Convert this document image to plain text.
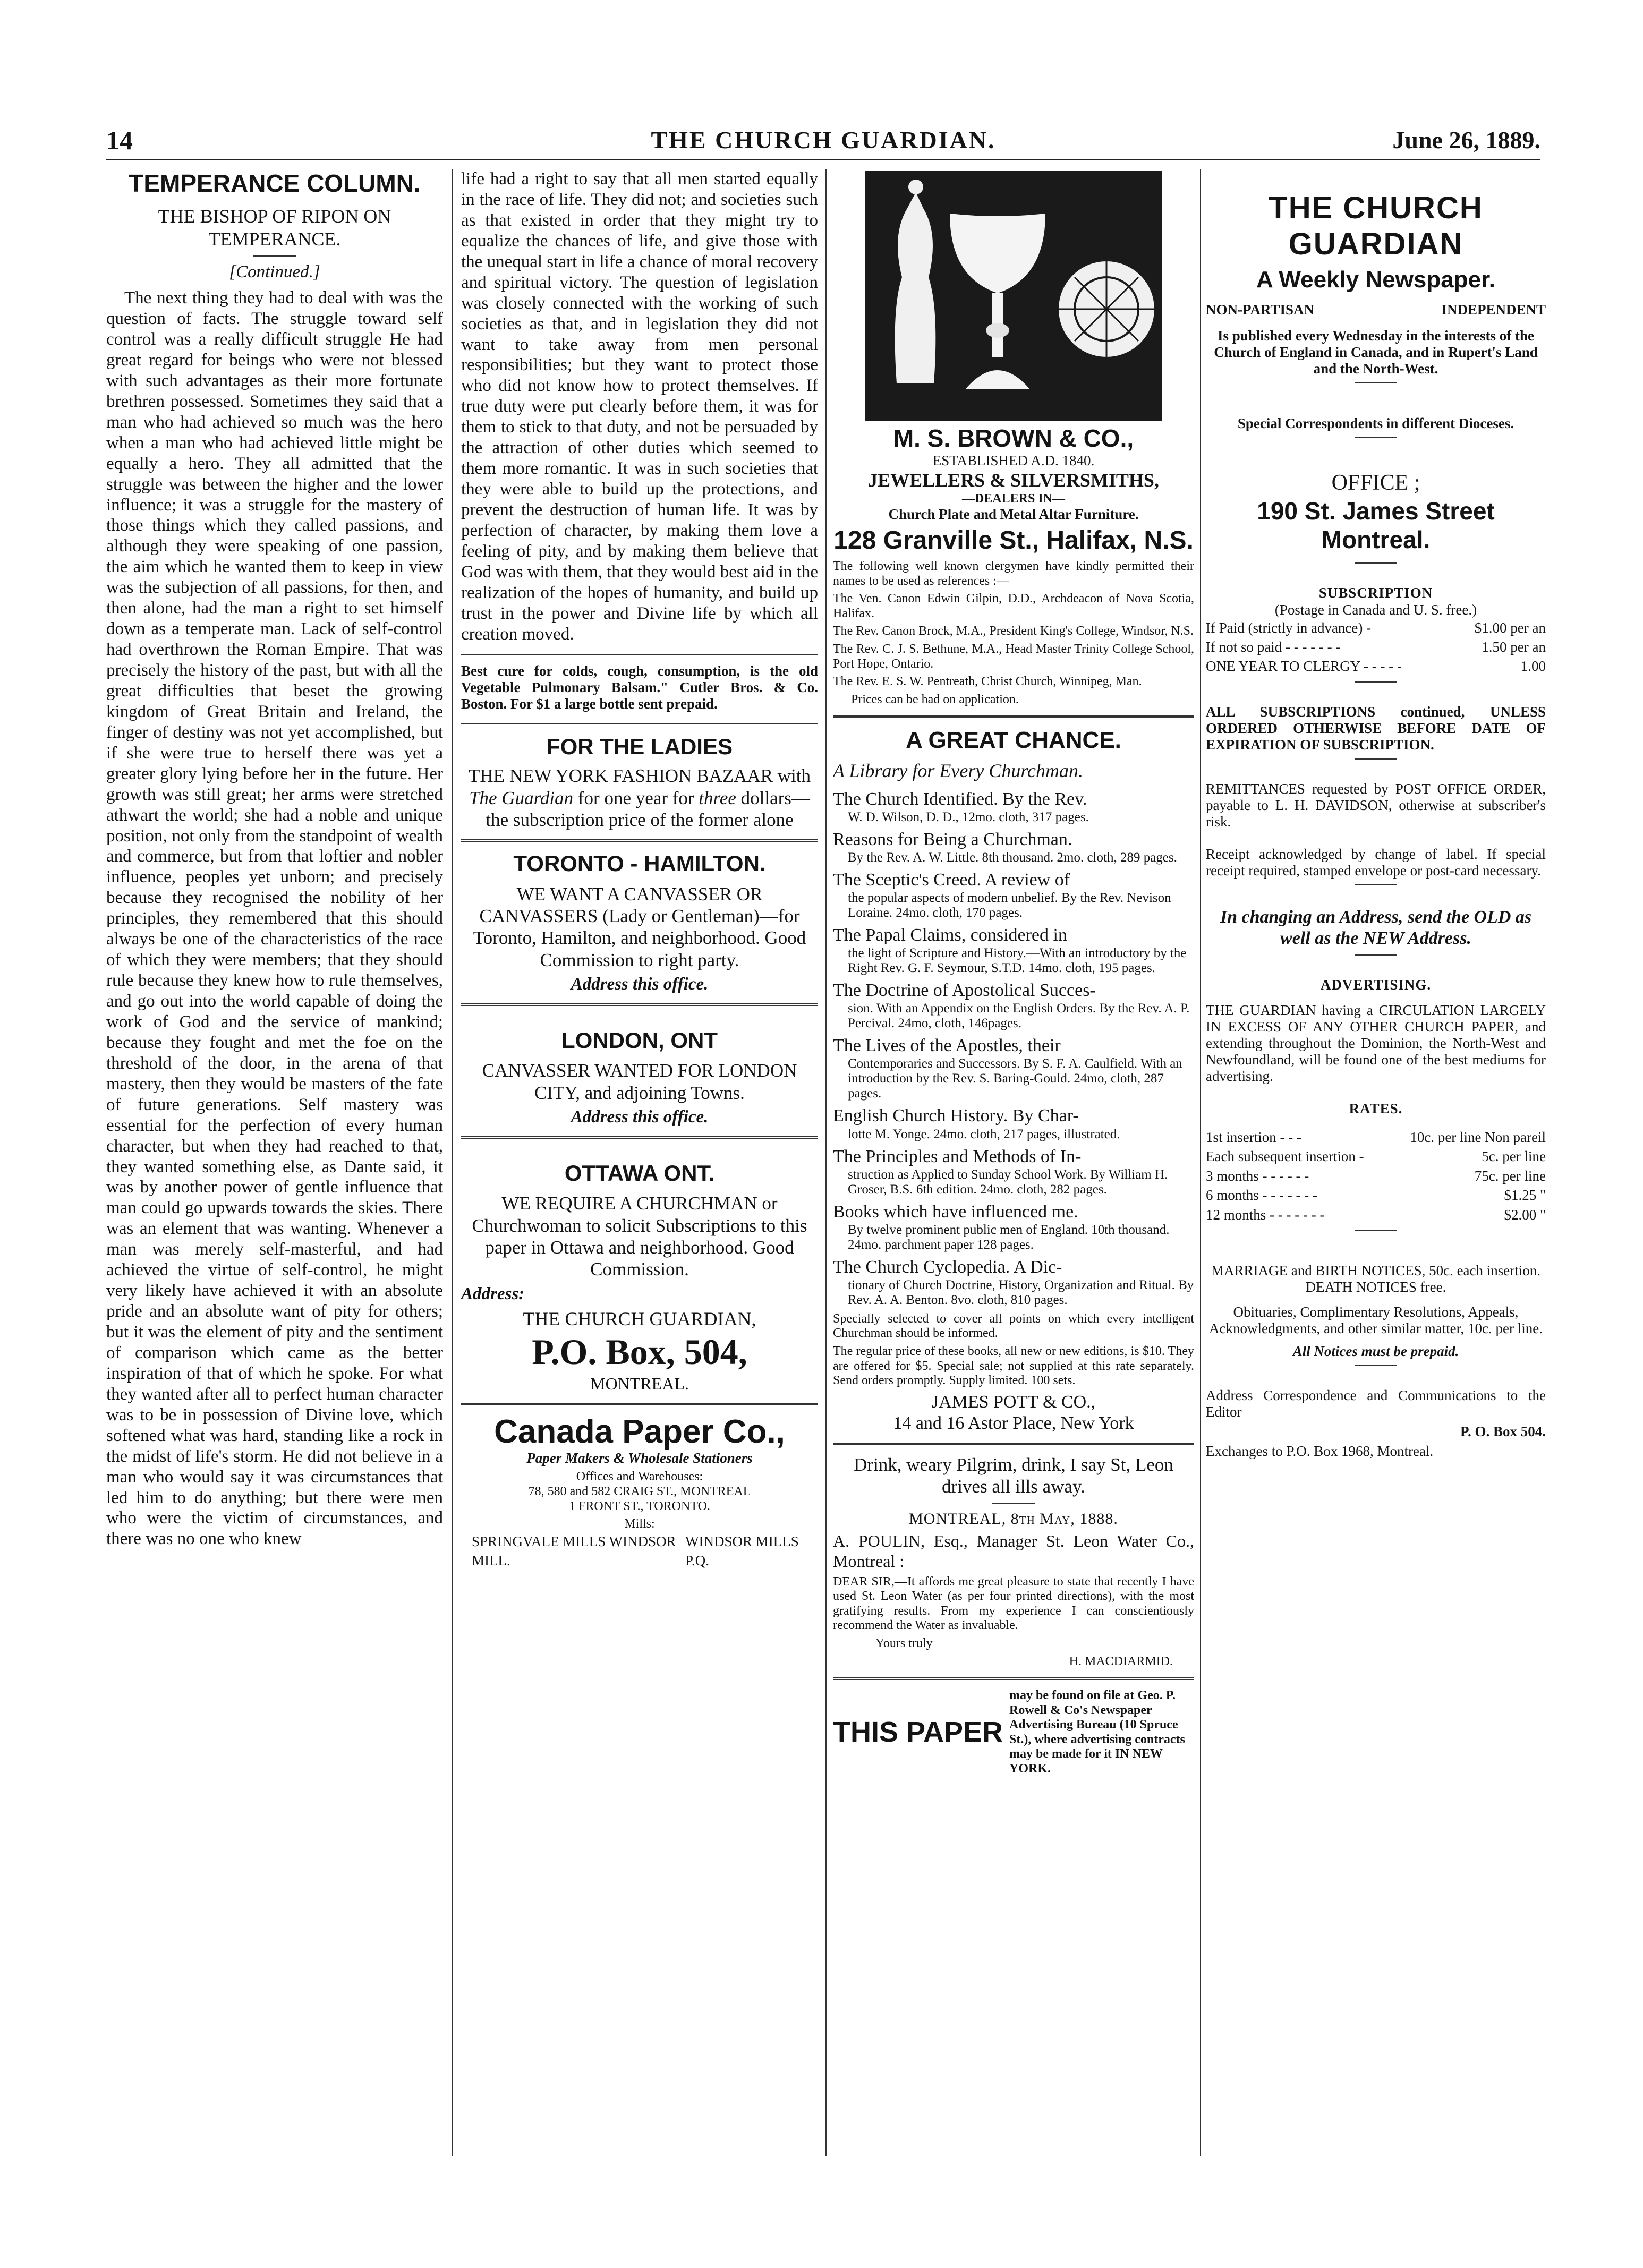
14	THE CHURCH GUARDIAN.	June 26, 1889.
TEMPERANCE COLUMN.
THE BISHOP OF RIPON ON TEMPERANCE.
[Continued.]

The next thing they had to deal with was the question of facts. The struggle toward self control was a really difficult struggle He had great regard for beings who were not blessed with such advantages as their more fortunate brethren possessed. Sometimes they said that a man who had achieved so much was the hero when a man who had achieved little might be equally a hero. They all admitted that the struggle was between the higher and the lower influence; it was a struggle for the mastery of those things which they called passions, and although they were speaking of one passion, the aim which he wanted them to keep in view was the subjection of all passions, for then, and then alone, had the man a right to set himself down as a temperate man. Lack of self-control had overthrown the Roman Empire. That was precisely the history of the past, but with all the great difficulties that beset the growing kingdom of Great Britain and Ireland, the finger of destiny was not yet accomplished, but if she were true to herself there was yet a greater glory lying before her in the future. Her growth was still great; her arms were stretched athwart the world; she had a noble and unique position, not only from the standpoint of wealth and commerce, but from that loftier and nobler influence, peoples yet unborn; and precisely because they recognised the nobility of her principles, they remembered that this should always be one of the characteristics of the race of which they were members; that they should rule because they knew how to rule themselves, and go out into the world capable of doing the work of God and the service of mankind; because they fought and met the foe on the threshold of the door, in the arena of that mastery, then they would be masters of the fate of future generations. Self mastery was essential for the perfection of every human character, but when they had reached to that, they wanted something else, as Dante said, it was by another power of gentle influence that man could go upwards towards the skies. There was an element that was wanting. Whenever a man was merely self-masterful, and had achieved the virtue of self-control, he might very likely have achieved it with an absolute pride and an absolute want of pity for others; but it was the element of pity and the sentiment of comparison which came as the better inspiration of that of which he spoke. For what they wanted after all to perfect human character was to be in possession of Divine love, which softened what was hard, standing like a rock in the midst of life's storm. He did not believe in a man who would say it was circumstances that led him to do anything; but there were men who were the victim of circumstances, and there was no one who knew

life had a right to say that all men started equally in the race of life. They did not; and societies such as that existed in order that they might try to equalize the chances of life, and give those with the unequal start in life a chance of moral recovery and spiritual victory. The question of legislation was closely connected with the working of such societies as that, and in legislation they did not want to take away from men personal responsibilities; but they want to protect those who did not know how to protect themselves. If true duty were put clearly before them, it was for them to stick to that duty, and not be persuaded by the attraction of other duties which seemed to them more romantic. It was in such societies that they were able to build up the protections, and prevent the destruction of human life. It was by perfection of character, by making them love a feeling of pity, and by making them believe that God was with them, that they would best aid in the realization of the hopes of humanity, and build up trust in the power and Divine life by which all creation moved.

Best cure for colds, cough, consumption, is the old Vegetable Pulmonary Balsam." Cutler Bros. & Co. Boston. For $1 a large bottle sent prepaid.

FOR THE LADIES

THE NEW YORK FASHION BAZAAR with The Guardian for one year for three dollars—the subscription price of the former alone

TORONTO - HAMILTON.

WE WANT A CANVASSER OR CANVASSERS (Lady or Gentleman)—for Toronto, Hamilton, and neighborhood. Good Commission to right party.

Address this office.

LONDON, ONT

CANVASSER WANTED FOR LONDON CITY, and adjoining Towns.

Address this office.

OTTAWA ONT.

WE REQUIRE A CHURCHMAN or Churchwoman to solicit Subscriptions to this paper in Ottawa and neighborhood. Good Commission.

Address:

THE CHURCH GUARDIAN,

P.O. Box, 504,

MONTREAL.

Canada Paper Co.,
Paper Makers & Wholesale Stationers
Offices and Warehouses:
78, 580 and 582 CRAIG ST., MONTREAL
1 FRONT ST., TORONTO.
Mills:
SPRINGVALE MILLS WINDSOR MILL.
WINDSOR MILLS P.Q.
M. S. BROWN & CO.,
ESTABLISHED A.D. 1840.
JEWELLERS & SILVERSMITHS,
—DEALERS IN—
Church Plate and Metal Altar Furniture.
128 Granville St., Halifax, N.S.

The following well known clergymen have kindly permitted their names to be used as references :—

The Ven. Canon Edwin Gilpin, D.D., Archdeacon of Nova Scotia, Halifax.

The Rev. Canon Brock, M.A., President King's College, Windsor, N.S.

The Rev. C. J. S. Bethune, M.A., Head Master Trinity College School, Port Hope, Ontario.

The Rev. E. S. W. Pentreath, Christ Church, Winnipeg, Man.

Prices can be had on application.

A GREAT CHANCE.
A Library for Every Churchman.
The Church Identified. By the Rev.
W. D. Wilson, D. D., 12mo. cloth, 317 pages.
Reasons for Being a Churchman.
By the Rev. A. W. Little. 8th thousand. 2mo. cloth, 289 pages.
The Sceptic's Creed. A review of
the popular aspects of modern unbelief. By the Rev. Nevison Loraine. 24mo. cloth, 170 pages.
The Papal Claims, considered in
the light of Scripture and History.—With an introductory by the Right Rev. G. F. Seymour, S.T.D. 14mo. cloth, 195 pages.
The Doctrine of Apostolical Succes-
sion. With an Appendix on the English Orders. By the Rev. A. P. Percival. 24mo, cloth, 146pages.
The Lives of the Apostles, their
Contemporaries and Successors. By S. F. A. Caulfield. With an introduction by the Rev. S. Baring-Gould. 24mo, cloth, 287 pages.
English Church History. By Char-
lotte M. Yonge. 24mo. cloth, 217 pages, illustrated.
The Principles and Methods of In-
struction as Applied to Sunday School Work. By William H. Groser, B.S. 6th edition. 24mo. cloth, 282 pages.
Books which have influenced me.
By twelve prominent public men of England. 10th thousand. 24mo. parchment paper 128 pages.
The Church Cyclopedia. A Dic-
tionary of Church Doctrine, History, Organization and Ritual. By Rev. A. A. Benton. 8vo. cloth, 810 pages.

Specially selected to cover all points on which every intelligent Churchman should be informed.

The regular price of these books, all new or new editions, is $10. They are offered for $5. Special sale; not supplied at this rate separately. Send orders promptly. Supply limited. 100 sets.

JAMES POTT & CO.,
14 and 16 Astor Place, New York

Drink, weary Pilgrim, drink, I say St, Leon drives all ills away.

MONTREAL, 8th May, 1888.

A. POULIN, Esq., Manager St. Leon Water Co., Montreal :

DEAR SIR,—It affords me great pleasure to state that recently I have used St. Leon Water (as per four printed directions), with the most gratifying results. From my experience I can conscientiously recommend the Water as invaluable.

Yours truly

H. MACDIARMID.

THIS PAPER
may be found on file at Geo. P. Rowell & Co's Newspaper Advertising Bureau (10 Spruce St.), where advertising contracts may be made for it IN NEW YORK.
THE CHURCH GUARDIAN
A Weekly Newspaper.
NON-PARTISAN	INDEPENDENT

Is published every Wednesday in the interests of the Church of England in Canada, and in Rupert's Land and the North-West.

Special Correspondents in different Dioceses.

OFFICE ;
190 St. James Street Montreal.
SUBSCRIPTION
(Postage in Canada and U. S. free.)
If Paid (strictly in advance) -	$1.00 per an
If not so paid - - - - - - -	1.50 per an
ONE YEAR TO CLERGY - - - - -	1.00

ALL SUBSCRIPTIONS continued, UNLESS ORDERED OTHERWISE BEFORE DATE OF EXPIRATION OF SUBSCRIPTION.

REMITTANCES requested by POST OFFICE ORDER, payable to L. H. DAVIDSON, otherwise at subscriber's risk.

Receipt acknowledged by change of label. If special receipt required, stamped envelope or post-card necessary.

In changing an Address, send the OLD as well as the NEW Address.

ADVERTISING.

THE GUARDIAN having a CIRCULATION LARGELY IN EXCESS OF ANY OTHER CHURCH PAPER, and extending throughout the Dominion, the North-West and Newfoundland, will be found one of the best mediums for advertising.

RATES.
1st insertion - - -	10c. per line Non pareil
Each subsequent insertion -	5c. per line
3 months - - - - - -	75c. per line
6 months - - - - - - -	$1.25 "
12 months - - - - - - -	$2.00 "

MARRIAGE and BIRTH NOTICES, 50c. each insertion. DEATH NOTICES free.

Obituaries, Complimentary Resolutions, Appeals, Acknowledgments, and other similar matter, 10c. per line.

All Notices must be prepaid.

Address Correspondence and Communications to the Editor

P. O. Box 504.

Exchanges to P.O. Box 1968, Montreal.
